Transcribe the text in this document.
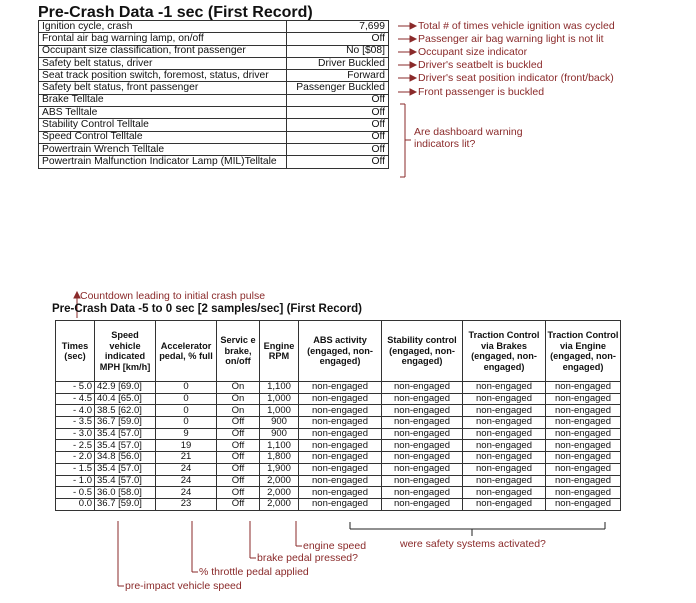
Pre-Crash Data -1 sec (First Record)
Ignition cycle, crash	7,699
Frontal air bag warning lamp, on/off	Off
Occupant size classification, front passenger	No [$08]
Safety belt status, driver	Driver Buckled
Seat track position switch, foremost, status, driver	Forward
Safety belt status, front passenger	Passenger Buckled
Brake Telltale	Off
ABS Telltale	Off
Stability Control Telltale	Off
Speed Control Telltale	Off
Powertrain Wrench Telltale	Off
Powertrain Malfunction Indicator Lamp (MIL)Telltale	Off
Total # of times vehicle ignition was cycled
Passenger air bag warning light is not lit
Occupant size indicator
Driver's seatbelt is buckled
Driver's seat position indicator (front/back)
Front passenger is buckled
Are dashboard warning indicators lit?
Countdown leading to initial crash pulse
Pre-Crash Data -5 to 0 sec [2 samples/sec] (First Record)
Times (sec)	Speed vehicle indicated MPH [km/h]	Accelerator pedal, % full	Servic e brake, on/off	Engine RPM	ABS activity (engaged, non-engaged)	Stability control (engaged, non-engaged)	Traction Control via Brakes (engaged, non-engaged)	Traction Control via Engine (engaged, non-engaged)
- 5.0	42.9 [69.0]	0	On	1,100	non-engaged	non-engaged	non-engaged	non-engaged
- 4.5	40.4 [65.0]	0	On	1,000	non-engaged	non-engaged	non-engaged	non-engaged
- 4.0	38.5 [62.0]	0	On	1,000	non-engaged	non-engaged	non-engaged	non-engaged
- 3.5	36.7 [59.0]	0	Off	900	non-engaged	non-engaged	non-engaged	non-engaged
- 3.0	35.4 [57.0]	9	Off	900	non-engaged	non-engaged	non-engaged	non-engaged
- 2.5	35.4 [57.0]	19	Off	1,100	non-engaged	non-engaged	non-engaged	non-engaged
- 2.0	34.8 [56.0]	21	Off	1,800	non-engaged	non-engaged	non-engaged	non-engaged
- 1.5	35.4 [57.0]	24	Off	1,900	non-engaged	non-engaged	non-engaged	non-engaged
- 1.0	35.4 [57.0]	24	Off	2,000	non-engaged	non-engaged	non-engaged	non-engaged
- 0.5	36.0 [58.0]	24	Off	2,000	non-engaged	non-engaged	non-engaged	non-engaged
0.0	36.7 [59.0]	23	Off	2,000	non-engaged	non-engaged	non-engaged	non-engaged
engine speed	were safety systems activated?
brake pedal pressed?
% throttle pedal applied
pre-impact vehicle speed
